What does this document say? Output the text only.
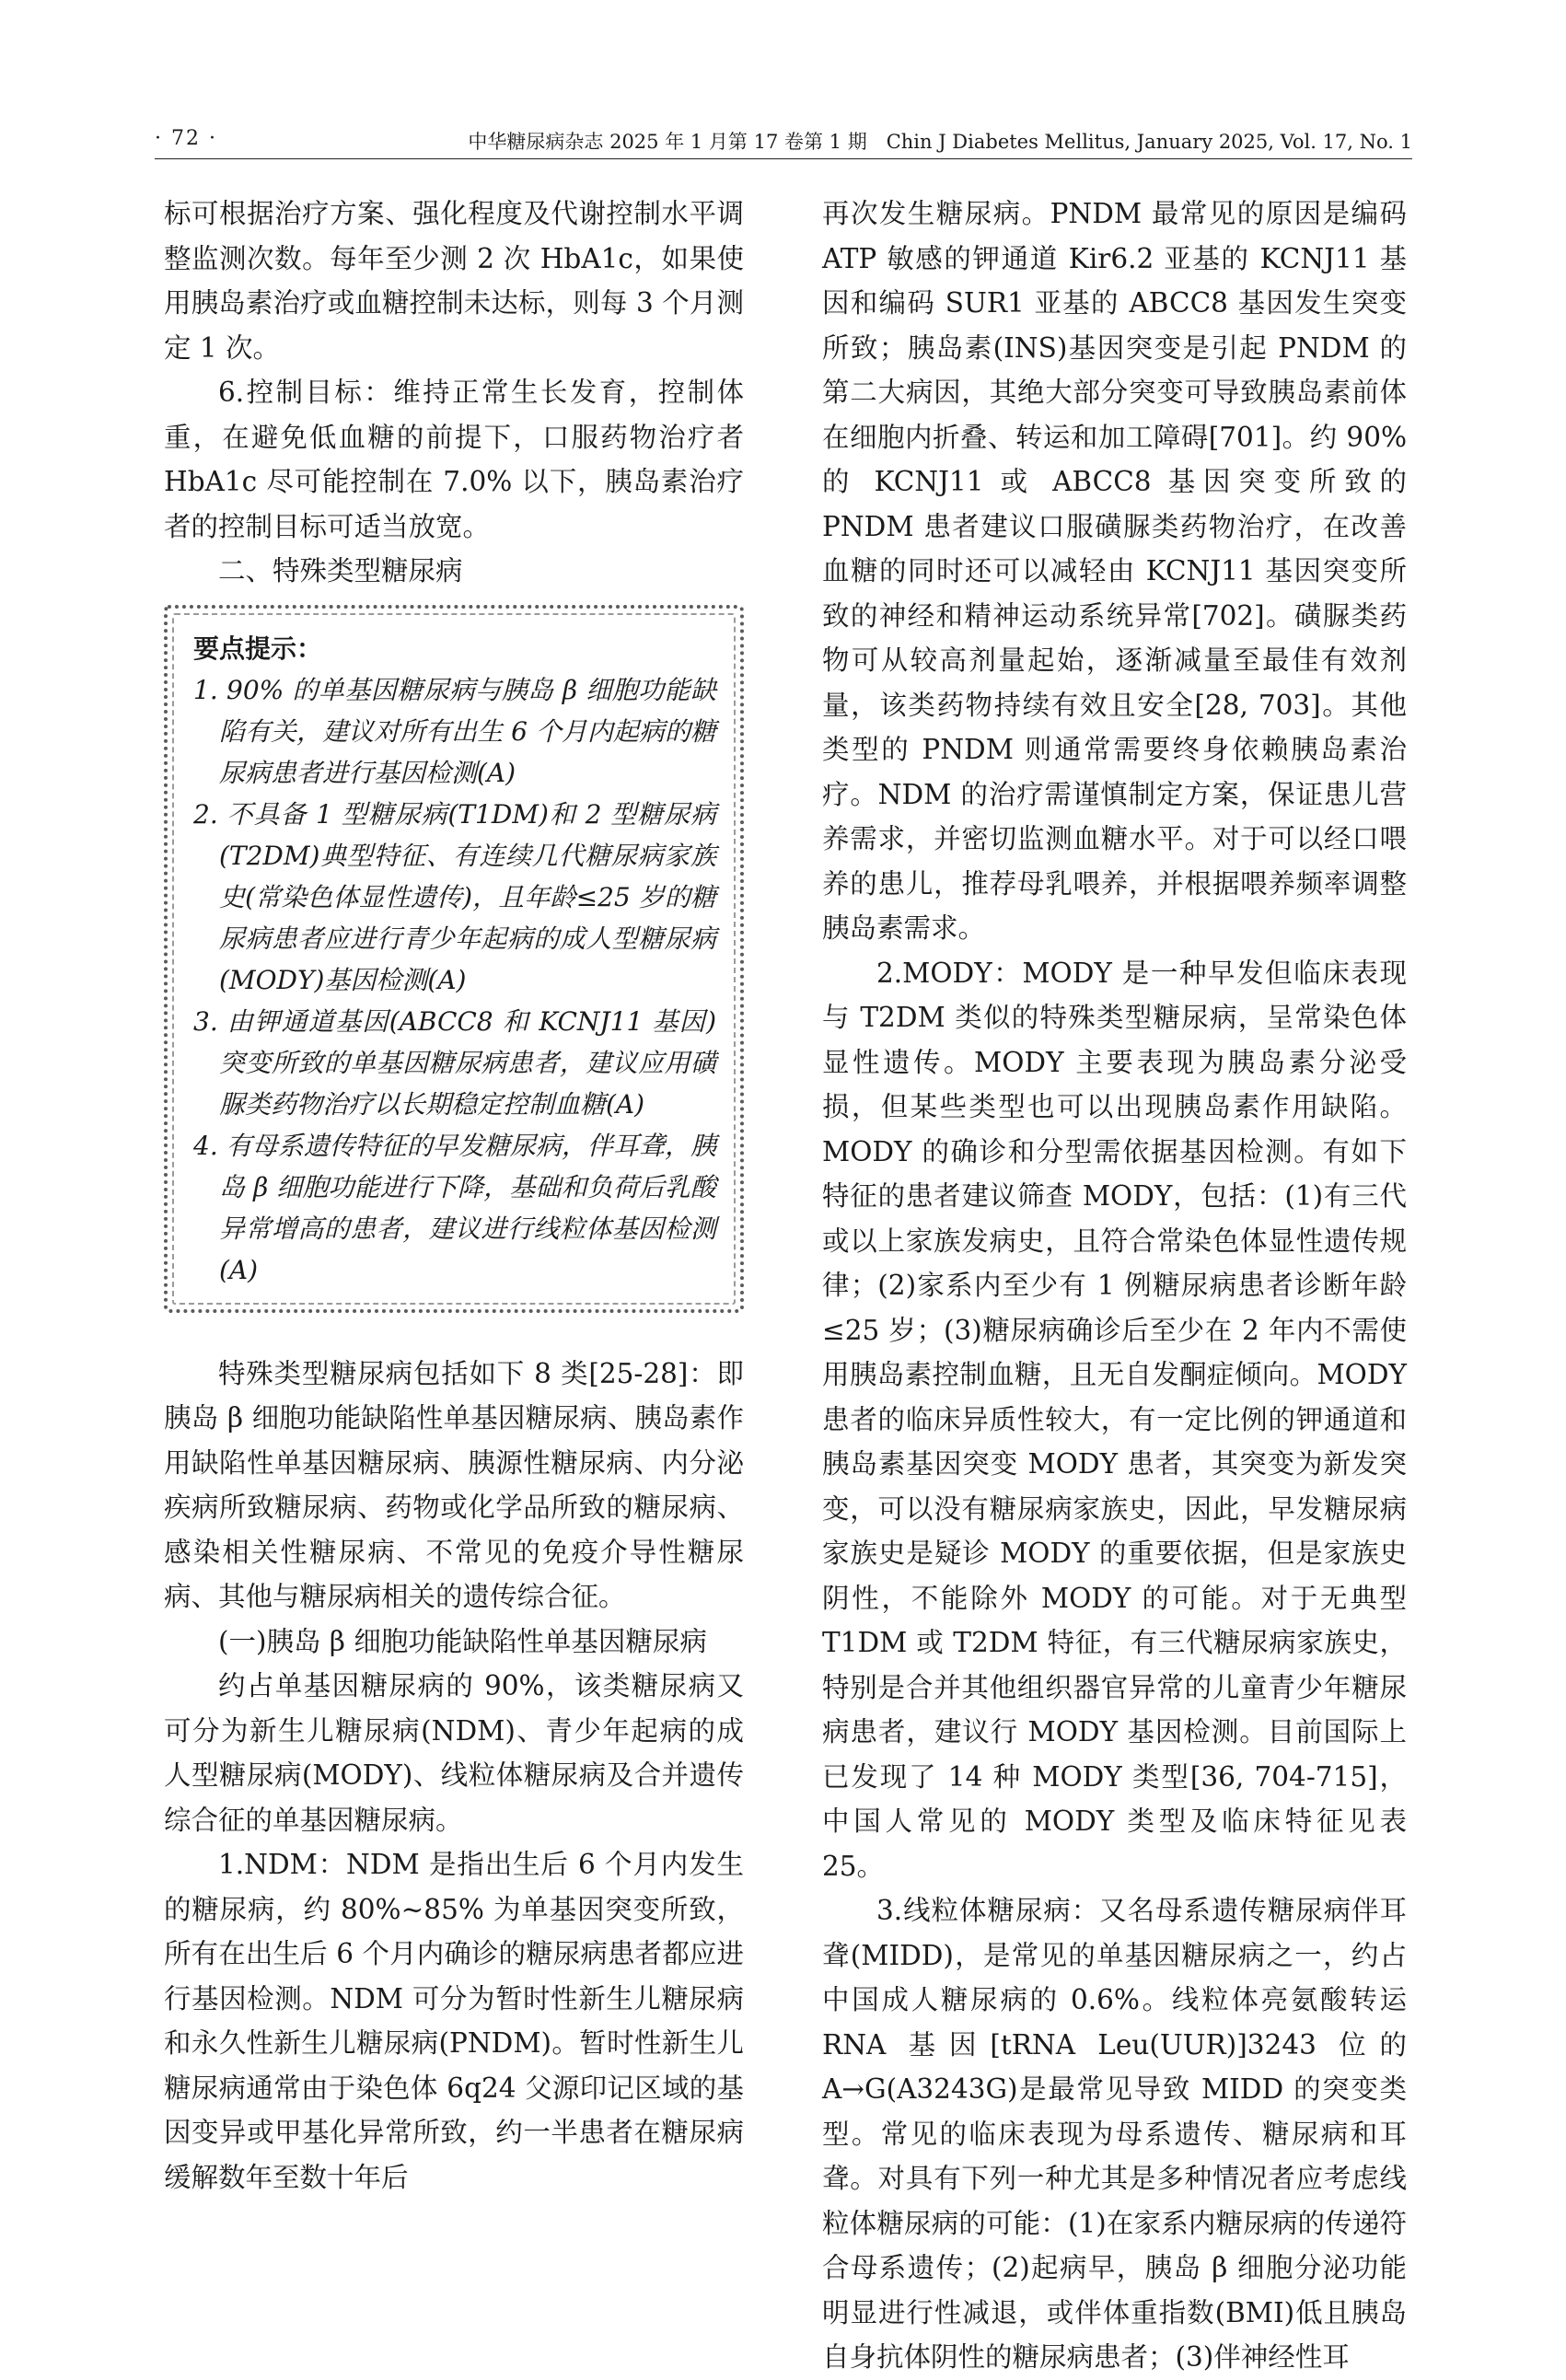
· 72 ·	中华糖尿病杂志 2025 年 1 月第 17 卷第 1 期　Chin J Diabetes Mellitus, January 2025, Vol. 17, No. 1

标可根据治疗方案、强化程度及代谢控制水平调整监测次数。每年至少测 2 次 HbA1c，如果使用胰岛素治疗或血糖控制未达标，则每 3 个月测定 1 次。

6.控制目标：维持正常生长发育，控制体重，在避免低血糖的前提下，口服药物治疗者 HbA1c 尽可能控制在 7.0% 以下，胰岛素治疗者的控制目标可适当放宽。

二、特殊类型糖尿病

要点提示：
1. 90% 的单基因糖尿病与胰岛 β 细胞功能缺陷有关，建议对所有出生 6 个月内起病的糖尿病患者进行基因检测(A)
2. 不具备 1 型糖尿病(T1DM)和 2 型糖尿病(T2DM)典型特征、有连续几代糖尿病家族史(常染色体显性遗传)，且年龄≤25 岁的糖尿病患者应进行青少年起病的成人型糖尿病(MODY)基因检测(A)
3. 由钾通道基因(ABCC8 和 KCNJ11 基因)突变所致的单基因糖尿病患者，建议应用磺脲类药物治疗以长期稳定控制血糖(A)
4. 有母系遗传特征的早发糖尿病，伴耳聋，胰岛 β 细胞功能进行下降，基础和负荷后乳酸异常增高的患者，建议进行线粒体基因检测(A)

特殊类型糖尿病包括如下 8 类[25-28]：即胰岛 β 细胞功能缺陷性单基因糖尿病、胰岛素作用缺陷性单基因糖尿病、胰源性糖尿病、内分泌疾病所致糖尿病、药物或化学品所致的糖尿病、感染相关性糖尿病、不常见的免疫介导性糖尿病、其他与糖尿病相关的遗传综合征。

(一)胰岛 β 细胞功能缺陷性单基因糖尿病

约占单基因糖尿病的 90%，该类糖尿病又可分为新生儿糖尿病(NDM)、青少年起病的成人型糖尿病(MODY)、线粒体糖尿病及合并遗传综合征的单基因糖尿病。

1.NDM：NDM 是指出生后 6 个月内发生的糖尿病，约 80%~85% 为单基因突变所致，所有在出生后 6 个月内确诊的糖尿病患者都应进行基因检测。NDM 可分为暂时性新生儿糖尿病和永久性新生儿糖尿病(PNDM)。暂时性新生儿糖尿病通常由于染色体 6q24 父源印记区域的基因变异或甲基化异常所致，约一半患者在糖尿病缓解数年至数十年后

再次发生糖尿病。PNDM 最常见的原因是编码 ATP 敏感的钾通道 Kir6.2 亚基的 KCNJ11 基因和编码 SUR1 亚基的 ABCC8 基因发生突变所致；胰岛素(INS)基因突变是引起 PNDM 的第二大病因，其绝大部分突变可导致胰岛素前体在细胞内折叠、转运和加工障碍[701]。约 90% 的 KCNJ11 或 ABCC8 基因突变所致的 PNDM 患者建议口服磺脲类药物治疗，在改善血糖的同时还可以减轻由 KCNJ11 基因突变所致的神经和精神运动系统异常[702]。磺脲类药物可从较高剂量起始，逐渐减量至最佳有效剂量，该类药物持续有效且安全[28, 703]。其他类型的 PNDM 则通常需要终身依赖胰岛素治疗。NDM 的治疗需谨慎制定方案，保证患儿营养需求，并密切监测血糖水平。对于可以经口喂养的患儿，推荐母乳喂养，并根据喂养频率调整胰岛素需求。

2.MODY：MODY 是一种早发但临床表现与 T2DM 类似的特殊类型糖尿病，呈常染色体显性遗传。MODY 主要表现为胰岛素分泌受损，但某些类型也可以出现胰岛素作用缺陷。MODY 的确诊和分型需依据基因检测。有如下特征的患者建议筛查 MODY，包括：(1)有三代或以上家族发病史，且符合常染色体显性遗传规律；(2)家系内至少有 1 例糖尿病患者诊断年龄≤25 岁；(3)糖尿病确诊后至少在 2 年内不需使用胰岛素控制血糖，且无自发酮症倾向。MODY 患者的临床异质性较大，有一定比例的钾通道和胰岛素基因突变 MODY 患者，其突变为新发突变，可以没有糖尿病家族史，因此，早发糖尿病家族史是疑诊 MODY 的重要依据，但是家族史阴性，不能除外 MODY 的可能。对于无典型 T1DM 或 T2DM 特征，有三代糖尿病家族史，特别是合并其他组织器官异常的儿童青少年糖尿病患者，建议行 MODY 基因检测。目前国际上已发现了 14 种 MODY 类型[36, 704-715]，中国人常见的 MODY 类型及临床特征见表 25。

3.线粒体糖尿病：又名母系遗传糖尿病伴耳聋(MIDD)，是常见的单基因糖尿病之一，约占中国成人糖尿病的 0.6%。线粒体亮氨酸转运 RNA 基因[tRNA Leu(UUR)]3243 位的 A→G(A3243G)是最常见导致 MIDD 的突变类型。常见的临床表现为母系遗传、糖尿病和耳聋。对具有下列一种尤其是多种情况者应考虑线粒体糖尿病的可能：(1)在家系内糖尿病的传递符合母系遗传；(2)起病早，胰岛 β 细胞分泌功能明显进行性减退，或伴体重指数(BMI)低且胰岛自身抗体阴性的糖尿病患者；(3)伴神经性耳
